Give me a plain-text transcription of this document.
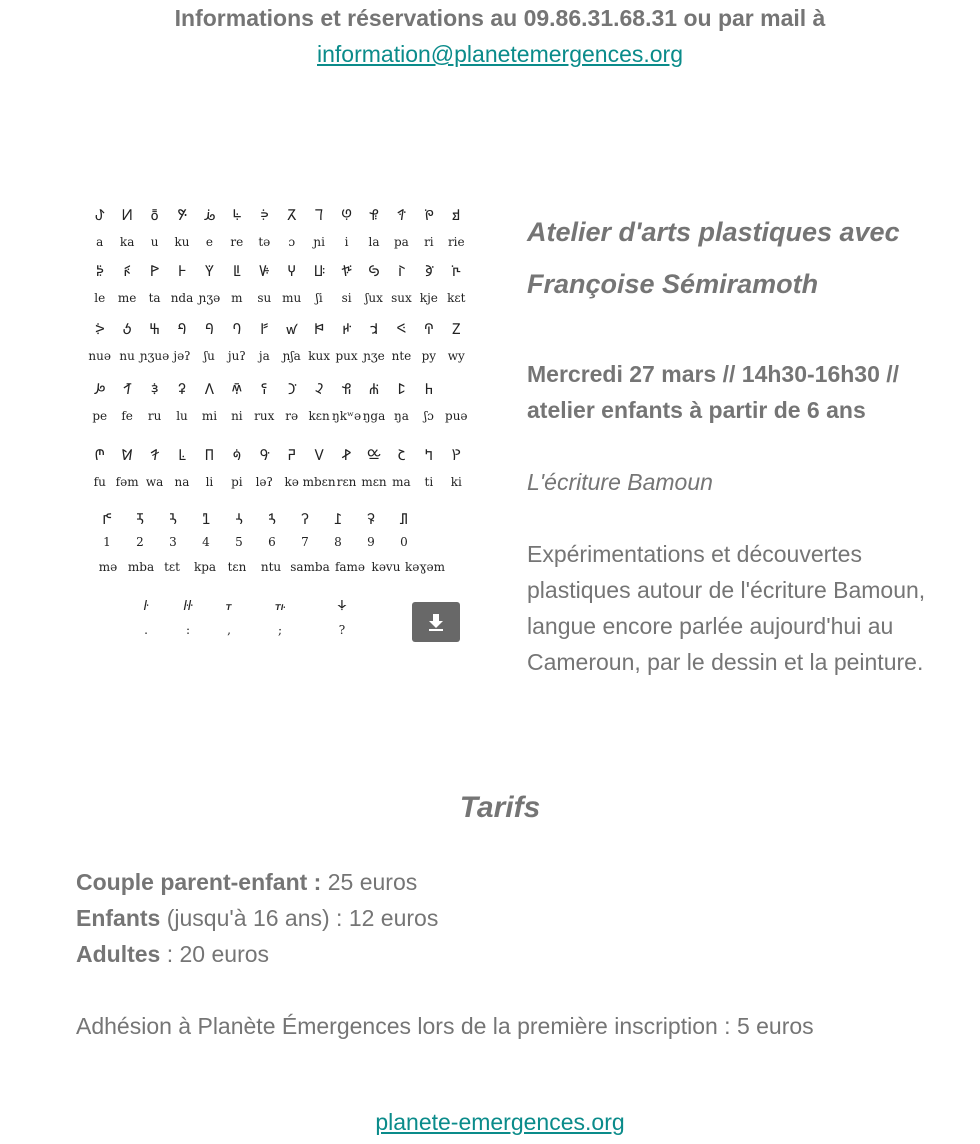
Informations et réservations au 09.86.31.68.31 ou par mail à
information@planetemergences.org
ꚠ ꚡ ꚢ ꚣ ꚤ ꚥ ꚦ ꚧ ꚨ ꚩ ꚪ ꚫ ꚬ ꚭ
a ka u ku e re tə ɔ ɲi i la pa ri rie
ꚮ ꚯ ꚰ ꚱ ꚲ ꚳ ꚴ ꚵ ꚶ ꚷ ꚸ ꚹ ꚺ ꚻ
le me ta nda ɲʒə m su mu ʃi si ʃux sux kje kɛt
ꚼ ꚽ ꚾ ꚿ ꛀ ꛁ ꛂ ꛃ ꛄ ꛅ ꛆ ꛇ ꛈ ꛉ
nuə nu ɲʒuə jəʔ ʃu juʔ ja ɲʃa kux pux ɲʒe nte py wy
ꛊ ꛋ ꛌ ꛍ ꛎ ꛏ ꛐ ꛑ ꛒ ꛓ ꛔ ꛕ ꛖ
pe fe ru lu mi ni rux rə kɛn ŋkʷə ŋga ŋa ʃɔ puə
ꛗ ꛘ ꛙ ꛚ ꛛ ꛜ ꛝ ꛞ ꛟ ꛠ ꛡ ꛢ ꛣ ꛤ
fu fəm wa na li pi ləʔ kə mbɛn rɛn mɛn ma ti ki
ꛥ ꛦ ꛧ ꛨ ꛩ ꛪ ꛫ ꛬ ꛭ ꛮ
1 2 3 4 5 6 7 8 9 0
mə mba tɛt kpa tɛn ntu samba famə kəvu kəɣəm
꛳ ꛴ ꛵	꛶	꛷
.	:	,	;	?
Atelier d'arts plastiques avec
Françoise Sémiramoth
Mercredi 27 mars // 14h30-16h30 //
atelier enfants à partir de 6 ans
L'écriture Bamoun
Expérimentations et découvertes plastiques autour de l'écriture Bamoun, langue encore parlée aujourd'hui au Cameroun, par le dessin et la peinture.
Tarifs
Couple parent-enfant : 25 euros
Enfants (jusqu'à 16 ans) : 12 euros
Adultes : 20 euros
Adhésion à Planète Émergences lors de la première inscription : 5 euros
planete-emergences.org
